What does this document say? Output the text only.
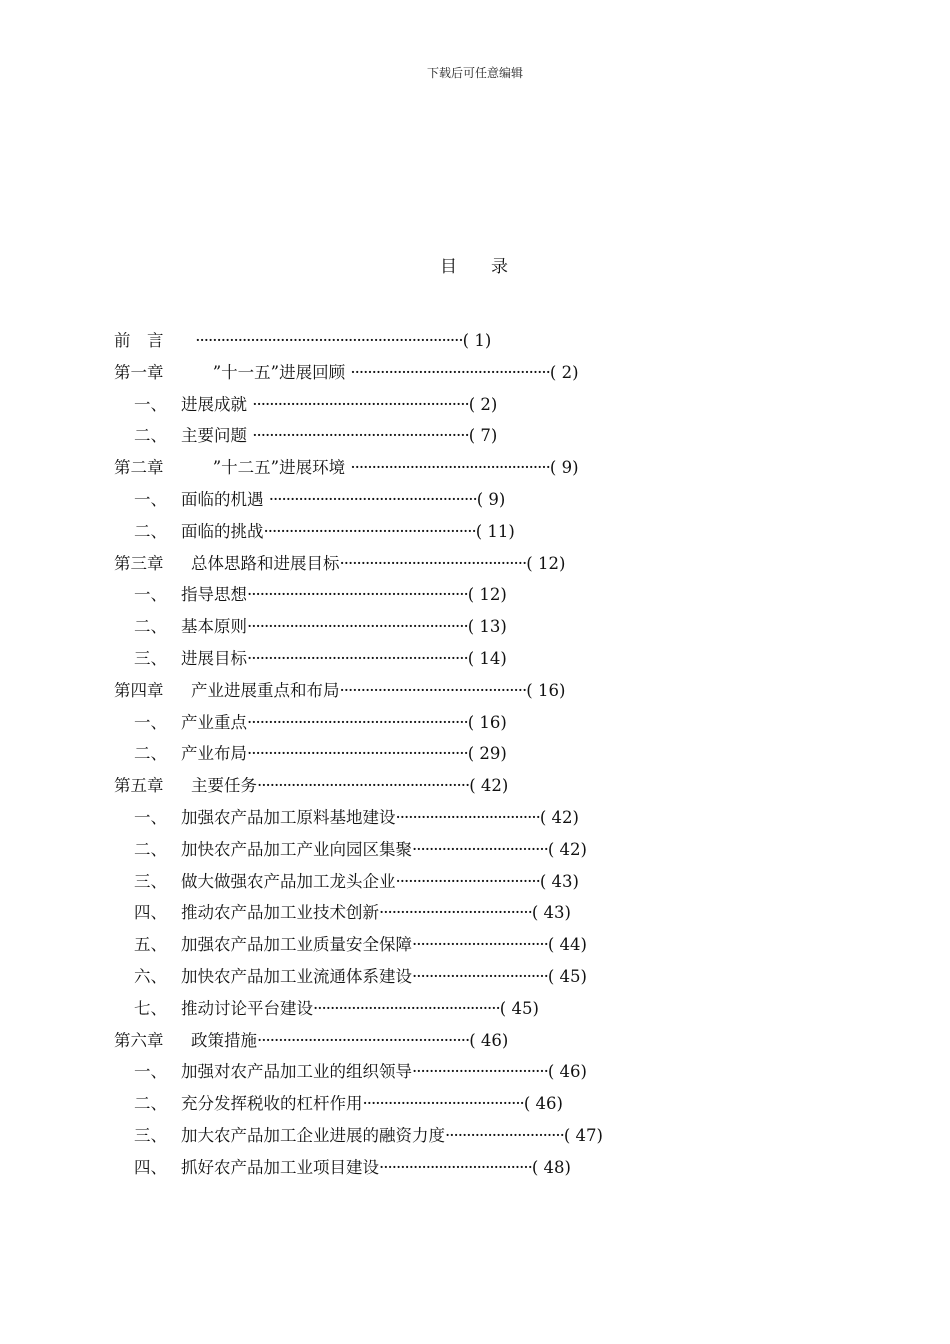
下载后可任意编辑
目 录
前　言 ·······························································( 1)
第一章　 ”十一五”进展回顾 ···············································( 2)
一、 进展成就 ···················································( 2)
二、 主要问题 ···················································( 7)
第二章　 ”十二五”进展环境 ···············································( 9)
一、 面临的机遇 ·················································( 9)
二、 面临的挑战··················································( 11)
第三章 总体思路和进展目标············································( 12)
一、 指导思想····················································( 12)
二、 基本原则····················································( 13)
三、 进展目标····················································( 14)
第四章 产业进展重点和布局············································( 16)
一、 产业重点····················································( 16)
二、 产业布局····················································( 29)
第五章 主要任务··················································( 42)
一、 加强农产品加工原料基地建设··································( 42)
二、 加快农产品加工产业向园区集聚································( 42)
三、 做大做强农产品加工龙头企业··································( 43)
四、 推动农产品加工业技术创新····································( 43)
五、 加强农产品加工业质量安全保障································( 44)
六、 加快农产品加工业流通体系建设································( 45)
七、 推动讨论平台建设············································( 45)
第六章 政策措施··················································( 46)
一、 加强对农产品加工业的组织领导································( 46)
二、 充分发挥税收的杠杆作用······································( 46)
三、 加大农产品加工企业进展的融资力度····························( 47)
四、 抓好农产品加工业项目建设····································( 48)
